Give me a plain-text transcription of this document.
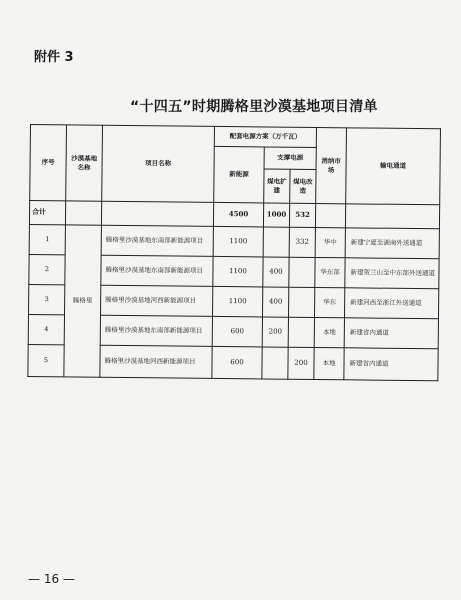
附件 3
“十四五”时期腾格里沙漠基地项目清单
序号	沙漠基地名称	项目名称	配套电源方案（万千瓦）			消纳市场	输电通道
			新能源	支撑电源			
				煤电扩建	煤电改造		
合计			4500	1000	532		
1	腾格里	腾格里沙漠基地东南部新能源项目	1100		332	华中	新建宁夏至湖南外送通道
2		腾格里沙漠基地东南部新能源项目	1100	400		华东部	新建贺兰山至中东部外送通道
3		腾格里沙漠基地河西新能源项目	1100	400		华东	新建河西至浙江外送通道
4		腾格里沙漠基地东南部新能源项目	600	200		本地	新建省内通道
5		腾格里沙漠基地河西新能源项目	600		200	本地	新建省内通道
— 16 —
